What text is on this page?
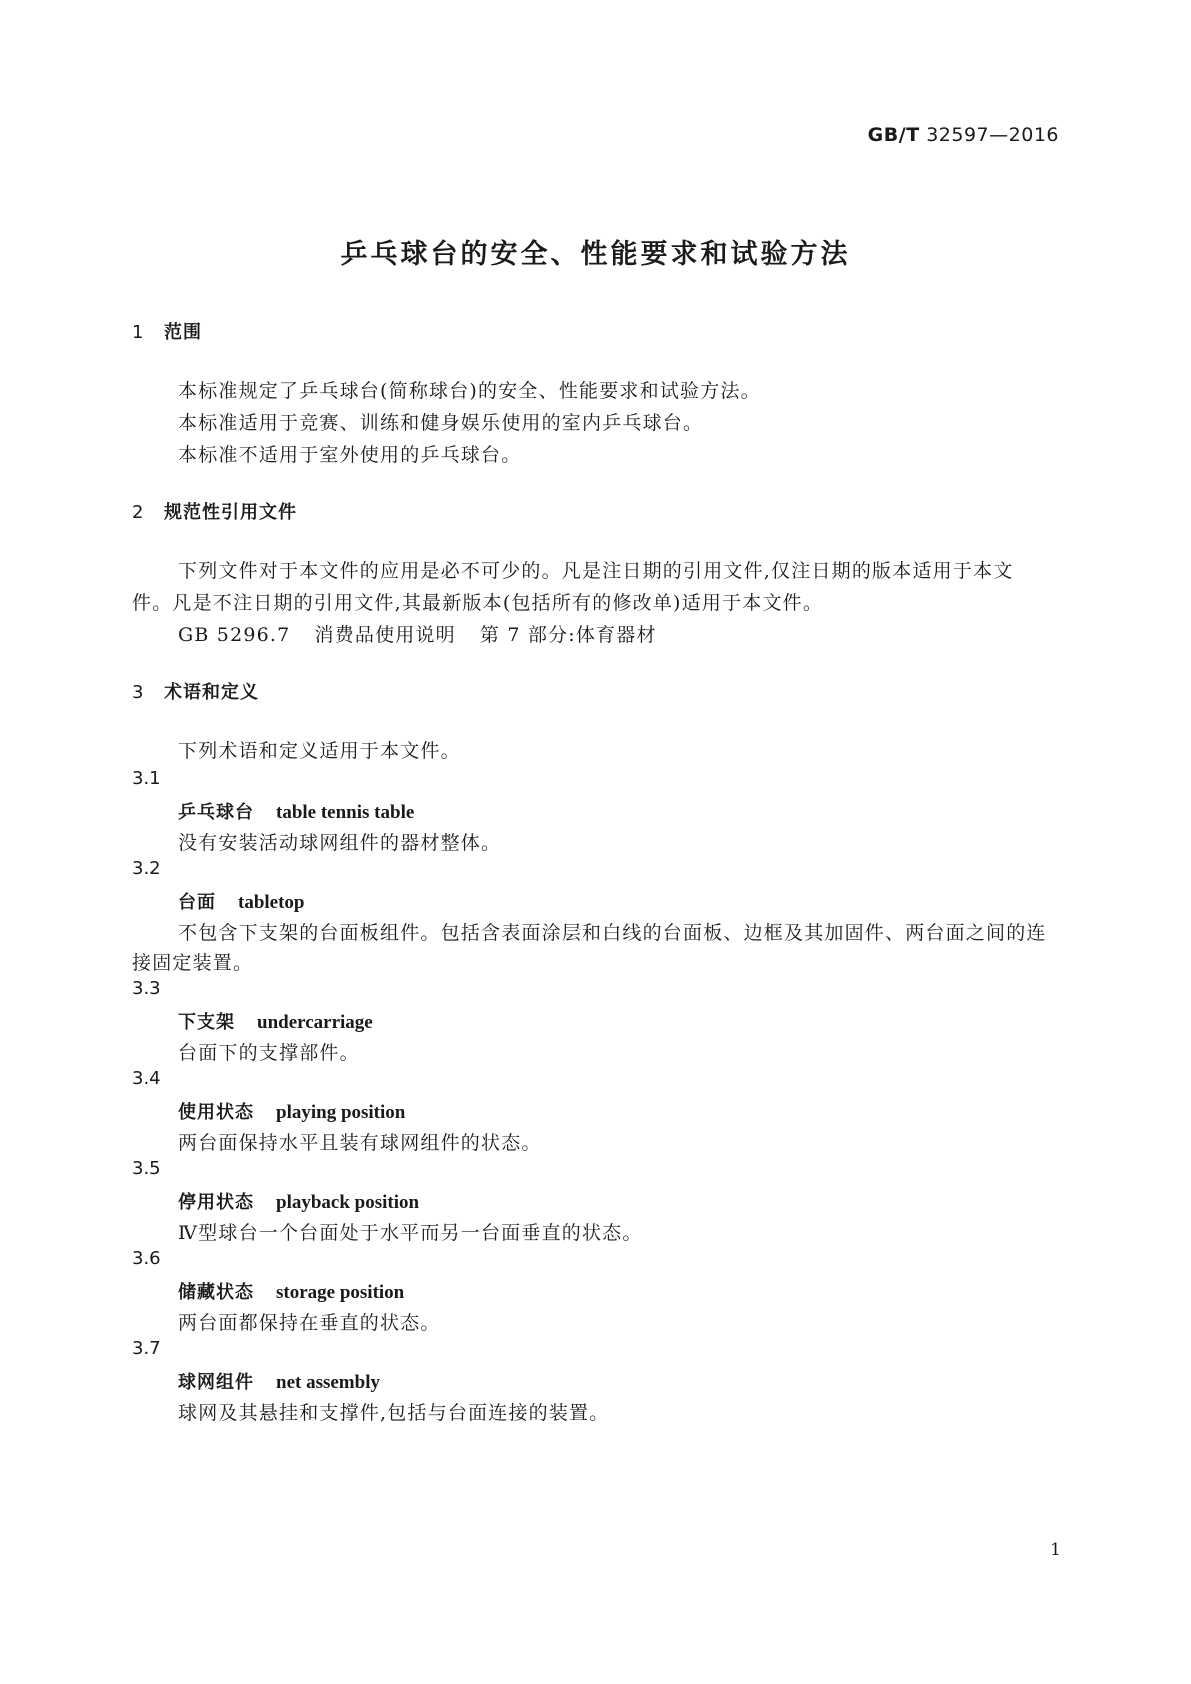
GB/T 32597—2016
乒乓球台的安全、性能要求和试验方法
1 范围
本标准规定了乒乓球台(简称球台)的安全、性能要求和试验方法。
本标准适用于竞赛、训练和健身娱乐使用的室内乒乓球台。
本标准不适用于室外使用的乒乓球台。
2 规范性引用文件
下列文件对于本文件的应用是必不可少的。凡是注日期的引用文件,仅注日期的版本适用于本文
件。凡是不注日期的引用文件,其最新版本(包括所有的修改单)适用于本文件。
GB 5296.7 消费品使用说明 第 7 部分:体育器材
3 术语和定义
下列术语和定义适用于本文件。
3.1
乒乓球台 table tennis table
没有安装活动球网组件的器材整体。
3.2
台面 tabletop
不包含下支架的台面板组件。包括含表面涂层和白线的台面板、边框及其加固件、两台面之间的连
接固定装置。
3.3
下支架 undercarriage
台面下的支撑部件。
3.4
使用状态 playing position
两台面保持水平且装有球网组件的状态。
3.5
停用状态 playback position
Ⅳ型球台一个台面处于水平而另一台面垂直的状态。
3.6
储藏状态 storage position
两台面都保持在垂直的状态。
3.7
球网组件 net assembly
球网及其悬挂和支撑件,包括与台面连接的装置。
1
